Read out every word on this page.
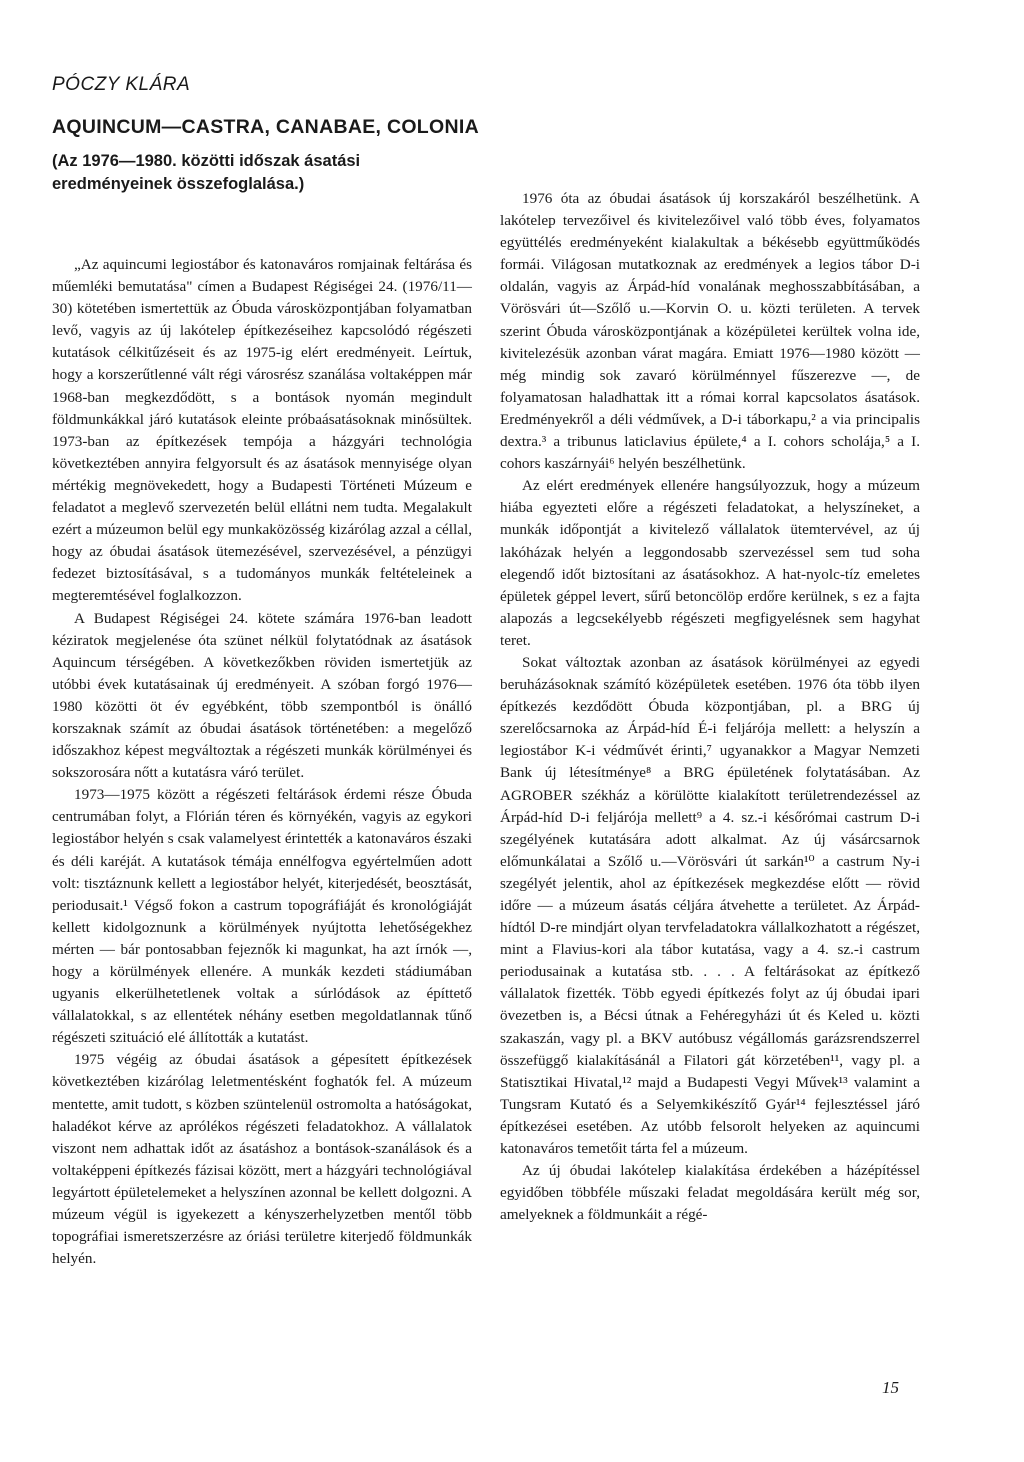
PÓCZY KLÁRA
AQUINCUM—CASTRA, CANABAE, COLONIA

(Az 1976—1980. közötti időszak ásatási eredményeinek összefoglalása.)

„Az aquincumi legiostábor és katonaváros romjainak feltárása és műemléki bemutatása" címen a Budapest Régiségei 24. (1976/11—30) kötetében ismertettük az Óbuda városközpontjában folyamatban levő, vagyis az új lakótelep építkezéseihez kapcsolódó régészeti kutatások célkitűzéseit és az 1975-ig elért eredményeit. Leírtuk, hogy a korszerűtlenné vált régi városrész szanálása voltaképpen már 1968-ban megkezdődött, s a bontások nyomán megindult földmunkákkal járó kutatások eleinte próbaásatásoknak minősültek. 1973-ban az építkezések tempója a házgyári technológia következtében annyira felgyorsult és az ásatások mennyisége olyan mértékig megnövekedett, hogy a Budapesti Történeti Múzeum e feladatot a meglevő szervezetén belül ellátni nem tudta. Megalakult ezért a múzeumon belül egy munkaközösség kizárólag azzal a céllal, hogy az óbudai ásatások ütemezésével, szervezésével, a pénzügyi fedezet biztosításával, s a tudományos munkák feltételeinek a megteremtésével foglalkozzon.

A Budapest Régiségei 24. kötete számára 1976-ban leadott kéziratok megjelenése óta szünet nélkül folytatódnak az ásatások Aquincum térségében. A következőkben röviden ismertetjük az utóbbi évek kutatásainak új eredményeit. A szóban forgó 1976—1980 közötti öt év egyébként, több szempontból is önálló korszaknak számít az óbudai ásatások történetében: a megelőző időszakhoz képest megváltoztak a régészeti munkák körülményei és sokszorosára nőtt a kutatásra váró terület.

1973—1975 között a régészeti feltárások érdemi része Óbuda centrumában folyt, a Flórián téren és környékén, vagyis az egykori legiostábor helyén s csak valamelyest érintették a katonaváros északi és déli karéját. A kutatások témája ennélfogva egyértelműen adott volt: tisztáznunk kellett a legiostábor helyét, kiterjedését, beosztását, periodusait.¹ Végső fokon a castrum topográfiáját és kronológiáját kellett kidolgoznunk a körülmények nyújtotta lehetőségekhez mérten — bár pontosabban fejeznők ki magunkat, ha azt írnók —, hogy a körülmények ellenére. A munkák kezdeti stádiumában ugyanis elkerülhetetlenek voltak a súrlódások az építtető vállalatokkal, s az ellentétek néhány esetben megoldatlannak tűnő régészeti szituáció elé állították a kutatást.

1975 végéig az óbudai ásatások a gépesített építkezések következtében kizárólag leletmentésként foghatók fel. A múzeum mentette, amit tudott, s közben szüntelenül ostromolta a hatóságokat, haladékot kérve az aprólékos régészeti feladatokhoz. A vállalatok viszont nem adhattak időt az ásatáshoz a bontások-szanálások és a voltaképpeni építkezés fázisai között, mert a házgyári technológiával legyártott épületelemeket a helyszínen azonnal be kellett dolgozni. A múzeum végül is igyekezett a kényszerhelyzetben mentől több topográfiai ismeretszerzésre az óriási területre kiterjedő földmunkák helyén.

1976 óta az óbudai ásatások új korszakáról beszélhetünk. A lakótelep tervezőivel és kivitelezőivel való több éves, folyamatos együttélés eredményeként kialakultak a békésebb együttműködés formái. Világosan mutatkoznak az eredmények a legios tábor D-i oldalán, vagyis az Árpád-híd vonalának meghosszabbításában, a Vörösvári út—Szőlő u.—Korvin O. u. közti területen. A tervek szerint Óbuda városközpontjának a középületei kerültek volna ide, kivitelezésük azonban várat magára. Emiatt 1976—1980 között — még mindig sok zavaró körülménnyel fűszerezve —, de folyamatosan haladhattak itt a római korral kapcsolatos ásatások. Eredményekről a déli védművek, a D-i táborkapu,² a via principalis dextra.³ a tribunus laticlavius épülete,⁴ a I. cohors scholája,⁵ a I. cohors kaszárnyái⁶ helyén beszélhetünk.

Az elért eredmények ellenére hangsúlyozzuk, hogy a múzeum hiába egyezteti előre a régészeti feladatokat, a helyszíneket, a munkák időpontját a kivitelező vállalatok ütemtervével, az új lakóházak helyén a leggondosabb szervezéssel sem tud soha elegendő időt biztosítani az ásatásokhoz. A hat-nyolc-tíz emeletes épületek géppel levert, sűrű betoncölöp erdőre kerülnek, s ez a fajta alapozás a legcsekélyebb régészeti megfigyelésnek sem hagyhat teret.

Sokat változtak azonban az ásatások körülményei az egyedi beruházásoknak számító középületek esetében. 1976 óta több ilyen építkezés kezdődött Óbuda központjában, pl. a BRG új szerelőcsarnoka az Árpád-híd É-i feljárója mellett: a helyszín a legiostábor K-i védművét érinti,⁷ ugyanakkor a Magyar Nemzeti Bank új létesítménye⁸ a BRG épületének folytatásában. Az AGROBER székház a körülötte kialakított területrendezéssel az Árpád-híd D-i feljárója mellett⁹ a 4. sz.-i későrómai castrum D-i szegélyének kutatására adott alkalmat. Az új vásárcsarnok előmunkálatai a Szőlő u.—Vörösvári út sarkán¹⁰ a castrum Ny-i szegélyét jelentik, ahol az építkezések megkezdése előtt — rövid időre — a múzeum ásatás céljára átvehette a területet. Az Árpád-hídtól D-re mindjárt olyan tervfeladatokra vállalkozhatott a régészet, mint a Flavius-kori ala tábor kutatása, vagy a 4. sz.-i castrum periodusainak a kutatása stb. . . . A feltárásokat az építkező vállalatok fizették. Több egyedi építkezés folyt az új óbudai ipari övezetben is, a Bécsi útnak a Fehéregyházi út és Keled u. közti szakaszán, vagy pl. a BKV autóbusz végállomás garázsrendszerrel összefüggő kialakításánál a Filatori gát körzetében¹¹, vagy pl. a Statisztikai Hivatal,¹² majd a Budapesti Vegyi Művek¹³ valamint a Tungsram Kutató és a Selyemkikészítő Gyár¹⁴ fejlesztéssel járó építkezései esetében. Az utóbb felsorolt helyeken az aquincumi katonaváros temetőit tárta fel a múzeum.

Az új óbudai lakótelep kialakítása érdekében a házépítéssel egyidőben többféle műszaki feladat megoldására került még sor, amelyeknek a földmunkáit a régé-

15
